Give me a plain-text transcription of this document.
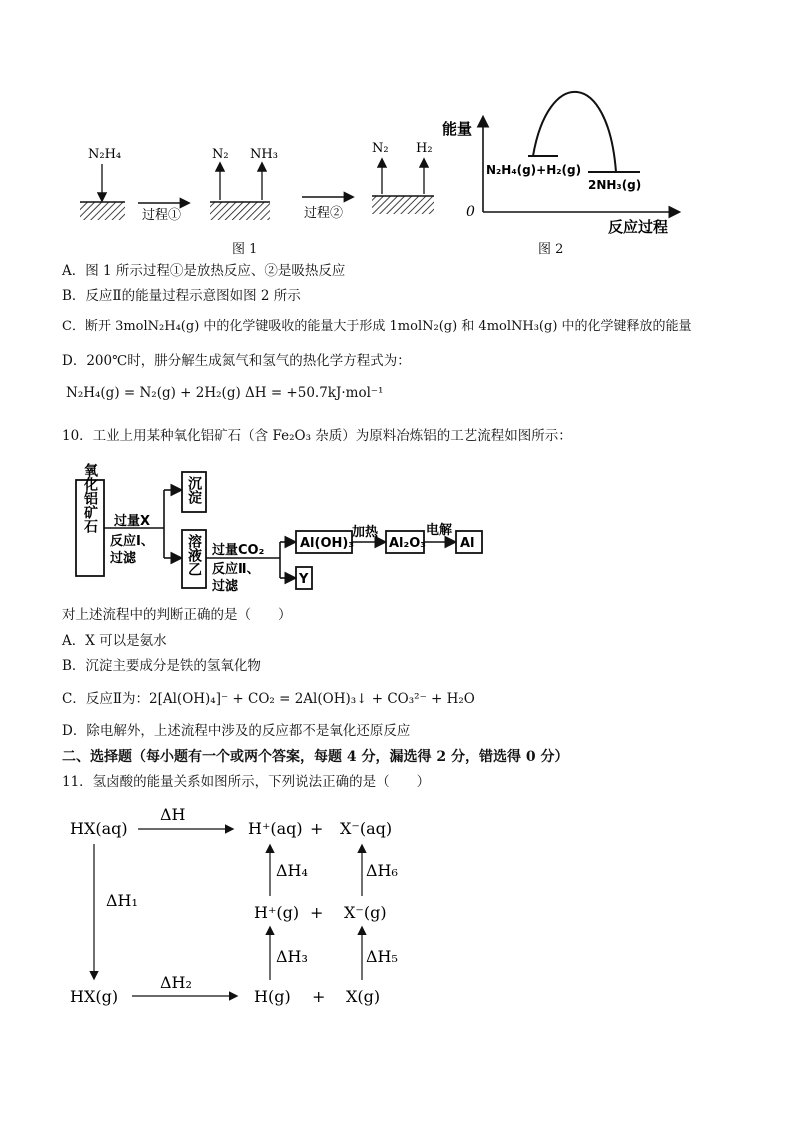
N₂H₄
过程①
N₂ NH₃
过程②
N₂ H₂
图 1
能量
0
反应过程
N₂H₄(g)+H₂(g)
2NH₃(g)
图 2
A．图 1 所示过程①是放热反应、②是吸热反应
B．反应Ⅱ的能量过程示意图如图 2 所示
C．断开 3molN₂H₄(g) 中的化学键吸收的能量大于形成 1molN₂(g) 和 4molNH₃(g) 中的化学键释放的能量
D．200℃时，肼分解生成氮气和氢气的热化学方程式为：
N₂H₄(g) = N₂(g) + 2H₂(g) ΔH = +50.7kJ·mol⁻¹
10．工业上用某种氧化铝矿石（含 Fe₂O₃ 杂质）为原料冶炼铝的工艺流程如图所示：
氧化铝矿石 过量X
反应Ⅰ、
过滤
沉淀
溶液乙 过量CO₂
反应Ⅱ、
过滤
Al(OH)₃
Y
加热
Al₂O₃
电解
Al
对上述流程中的判断正确的是（　　）
A．X 可以是氨水
B．沉淀主要成分是铁的氢氧化物
C．反应Ⅱ为：2[Al(OH)₄]⁻ + CO₂ = 2Al(OH)₃↓ + CO₃²⁻ + H₂O
D．除电解外，上述流程中涉及的反应都不是氧化还原反应
二、选择题（每小题有一个或两个答案，每题 4 分，漏选得 2 分，错选得 0 分）
11．氢卤酸的能量关系如图所示，下列说法正确的是（　　）
HX(aq)
ΔH
H⁺(aq) + X⁻(aq)
ΔH₁
ΔH₄	ΔH₆
H⁺(g) + X⁻(g)
ΔH₃	ΔH₅
HX(g)
ΔH₂
H(g) + X(g)
